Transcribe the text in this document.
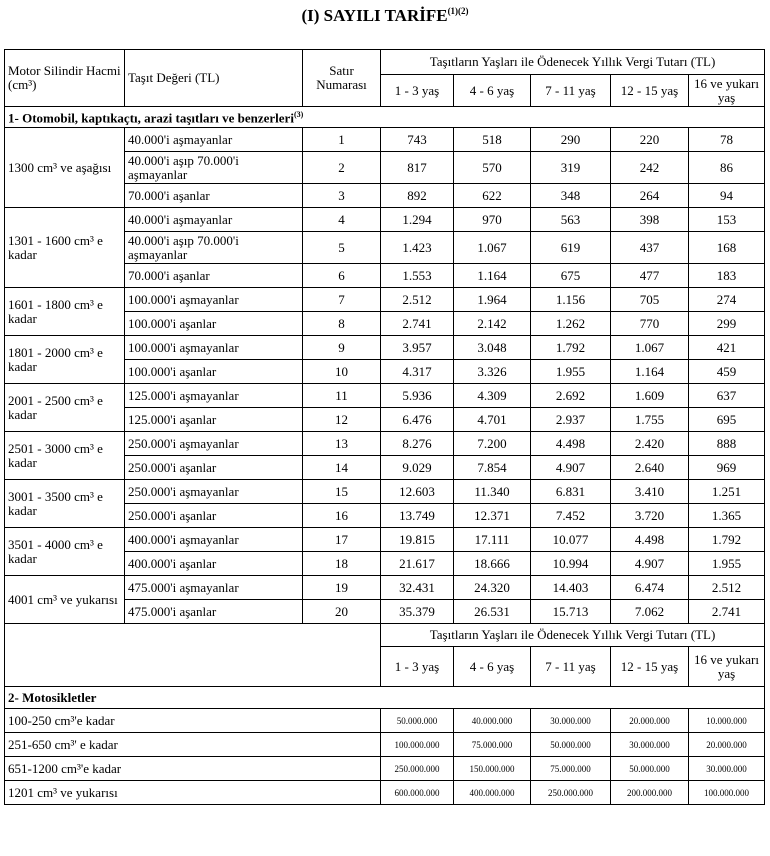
(I) SAYILI $TARİFE^{(1)(2)}$
Motor Silindir Hacmi (cm³)	Taşıt Değeri (TL)	Satır Numarası	Taşıtların Yaşları ile Ödenecek Yıllık Vergi Tutarı (TL)				
			1 - 3 yaş	4 - 6 yaş	7 - 11 yaş	12 - 15 yaş	16 ve yukarı yaş
1- Otomobil, kaptıkaçtı, arazi taşıtları ve benzerleri$^{(3)}$
1300 cm³ ve aşağısı	40.000'i aşmayanlar	1	743	518	290	220	78
	40.000'i aşıp 70.000'i aşmayanlar	2	817	570	319	242	86
	70.000'i aşanlar	3	892	622	348	264	94
1301 - 1600 cm³ e kadar	40.000'i aşmayanlar	4	1.294	970	563	398	153
	40.000'i aşıp 70.000'i aşmayanlar	5	1.423	1.067	619	437	168
	70.000'i aşanlar	6	1.553	1.164	675	477	183
1601 - 1800 cm³ e kadar	100.000'i aşmayanlar	7	2.512	1.964	1.156	705	274
	100.000'i aşanlar	8	2.741	2.142	1.262	770	299
1801 - 2000 cm³ e kadar	100.000'i aşmayanlar	9	3.957	3.048	1.792	1.067	421
	100.000'i aşanlar	10	4.317	3.326	1.955	1.164	459
2001 - 2500 cm³ e kadar	125.000'i aşmayanlar	11	5.936	4.309	2.692	1.609	637
	125.000'i aşanlar	12	6.476	4.701	2.937	1.755	695
2501 - 3000 cm³ e kadar	250.000'i aşmayanlar	13	8.276	7.200	4.498	2.420	888
	250.000'i aşanlar	14	9.029	7.854	4.907	2.640	969
3001 - 3500 cm³ e kadar	250.000'i aşmayanlar	15	12.603	11.340	6.831	3.410	1.251
	250.000'i aşanlar	16	13.749	12.371	7.452	3.720	1.365
3501 - 4000 cm³ e kadar	400.000'i aşmayanlar	17	19.815	17.111	10.077	4.498	1.792
	400.000'i aşanlar	18	21.617	18.666	10.994	4.907	1.955
4001 cm³ ve yukarısı	475.000'i aşmayanlar	19	32.431	24.320	14.403	6.474	2.512
	475.000'i aşanlar	20	35.379	26.531	15.713	7.062	2.741
			Taşıtların Yaşları ile Ödenecek Yıllık Vergi Tutarı (TL)				
			1 - 3 yaş	4 - 6 yaş	7 - 11 yaş	12 - 15 yaş	16 ve yukarı yaş
2- Motosikletler							
100-250 cm³'e kadar			50.000.000	40.000.000	30.000.000	20.000.000	10.000.000
251-650 cm³' e kadar			100.000.000	75.000.000	50.000.000	30.000.000	20.000.000
651-1200 cm³'e kadar			250.000.000	150.000.000	75.000.000	50.000.000	30.000.000
1201 cm³ ve yukarısı			600.000.000	400.000.000	250.000.000	200.000.000	100.000.000
